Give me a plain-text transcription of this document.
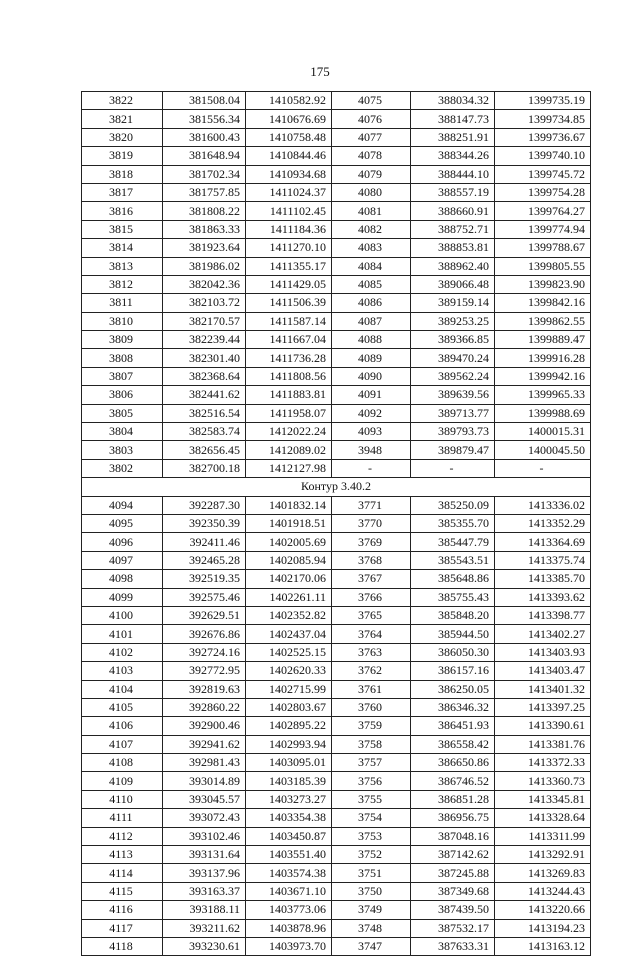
175
3822	381508.04	1410582.92	4075	388034.32	1399735.19
3821	381556.34	1410676.69	4076	388147.73	1399734.85
3820	381600.43	1410758.48	4077	388251.91	1399736.67
3819	381648.94	1410844.46	4078	388344.26	1399740.10
3818	381702.34	1410934.68	4079	388444.10	1399745.72
3817	381757.85	1411024.37	4080	388557.19	1399754.28
3816	381808.22	1411102.45	4081	388660.91	1399764.27
3815	381863.33	1411184.36	4082	388752.71	1399774.94
3814	381923.64	1411270.10	4083	388853.81	1399788.67
3813	381986.02	1411355.17	4084	388962.40	1399805.55
3812	382042.36	1411429.05	4085	389066.48	1399823.90
3811	382103.72	1411506.39	4086	389159.14	1399842.16
3810	382170.57	1411587.14	4087	389253.25	1399862.55
3809	382239.44	1411667.04	4088	389366.85	1399889.47
3808	382301.40	1411736.28	4089	389470.24	1399916.28
3807	382368.64	1411808.56	4090	389562.24	1399942.16
3806	382441.62	1411883.81	4091	389639.56	1399965.33
3805	382516.54	1411958.07	4092	389713.77	1399988.69
3804	382583.74	1412022.24	4093	389793.73	1400015.31
3803	382656.45	1412089.02	3948	389879.47	1400045.50
3802	382700.18	1412127.98	-	-	-
Контур 3.40.2					
4094	392287.30	1401832.14	3771	385250.09	1413336.02
4095	392350.39	1401918.51	3770	385355.70	1413352.29
4096	392411.46	1402005.69	3769	385447.79	1413364.69
4097	392465.28	1402085.94	3768	385543.51	1413375.74
4098	392519.35	1402170.06	3767	385648.86	1413385.70
4099	392575.46	1402261.11	3766	385755.43	1413393.62
4100	392629.51	1402352.82	3765	385848.20	1413398.77
4101	392676.86	1402437.04	3764	385944.50	1413402.27
4102	392724.16	1402525.15	3763	386050.30	1413403.93
4103	392772.95	1402620.33	3762	386157.16	1413403.47
4104	392819.63	1402715.99	3761	386250.05	1413401.32
4105	392860.22	1402803.67	3760	386346.32	1413397.25
4106	392900.46	1402895.22	3759	386451.93	1413390.61
4107	392941.62	1402993.94	3758	386558.42	1413381.76
4108	392981.43	1403095.01	3757	386650.86	1413372.33
4109	393014.89	1403185.39	3756	386746.52	1413360.73
4110	393045.57	1403273.27	3755	386851.28	1413345.81
4111	393072.43	1403354.38	3754	386956.75	1413328.64
4112	393102.46	1403450.87	3753	387048.16	1413311.99
4113	393131.64	1403551.40	3752	387142.62	1413292.91
4114	393137.96	1403574.38	3751	387245.88	1413269.83
4115	393163.37	1403671.10	3750	387349.68	1413244.43
4116	393188.11	1403773.06	3749	387439.50	1413220.66
4117	393211.62	1403878.96	3748	387532.17	1413194.23
4118	393230.61	1403973.70	3747	387633.31	1413163.12
